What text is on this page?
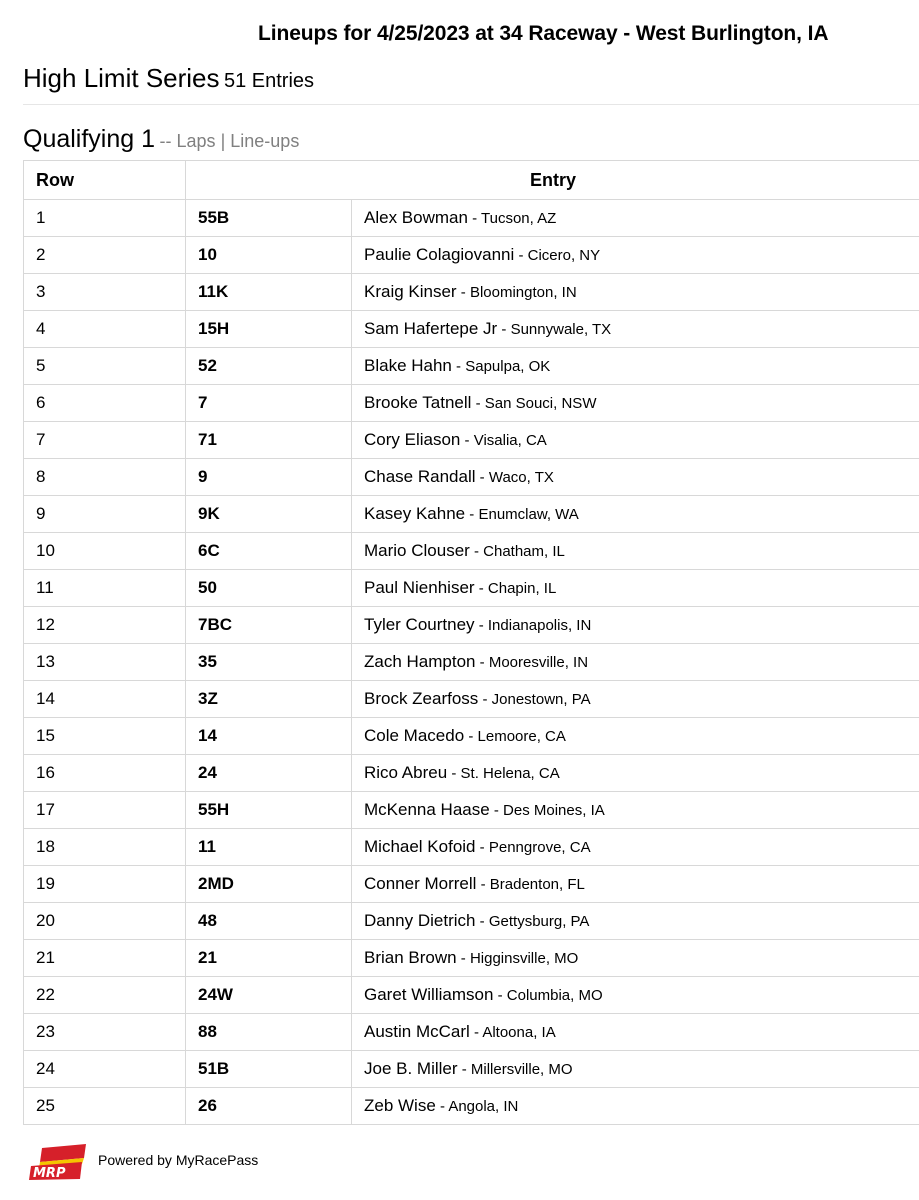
Lineups for 4/25/2023 at 34 Raceway - West Burlington, IA
High Limit Series 51 Entries
Qualifying 1 -- Laps | Line-ups
Row	Entry	
1	55B	Alex Bowman - Tucson, AZ
2	10	Paulie Colagiovanni - Cicero, NY
3	11K	Kraig Kinser - Bloomington, IN
4	15H	Sam Hafertepe Jr - Sunnywale, TX
5	52	Blake Hahn - Sapulpa, OK
6	7	Brooke Tatnell - San Souci, NSW
7	71	Cory Eliason - Visalia, CA
8	9	Chase Randall - Waco, TX
9	9K	Kasey Kahne - Enumclaw, WA
10	6C	Mario Clouser - Chatham, IL
11	50	Paul Nienhiser - Chapin, IL
12	7BC	Tyler Courtney - Indianapolis, IN
13	35	Zach Hampton - Mooresville, IN
14	3Z	Brock Zearfoss - Jonestown, PA
15	14	Cole Macedo - Lemoore, CA
16	24	Rico Abreu - St. Helena, CA
17	55H	McKenna Haase - Des Moines, IA
18	11	Michael Kofoid - Penngrove, CA
19	2MD	Conner Morrell - Bradenton, FL
20	48	Danny Dietrich - Gettysburg, PA
21	21	Brian Brown - Higginsville, MO
22	24W	Garet Williamson - Columbia, MO
23	88	Austin McCarl - Altoona, IA
24	51B	Joe B. Miller - Millersville, MO
25	26	Zeb Wise - Angola, IN
MRP
Powered by MyRacePass
